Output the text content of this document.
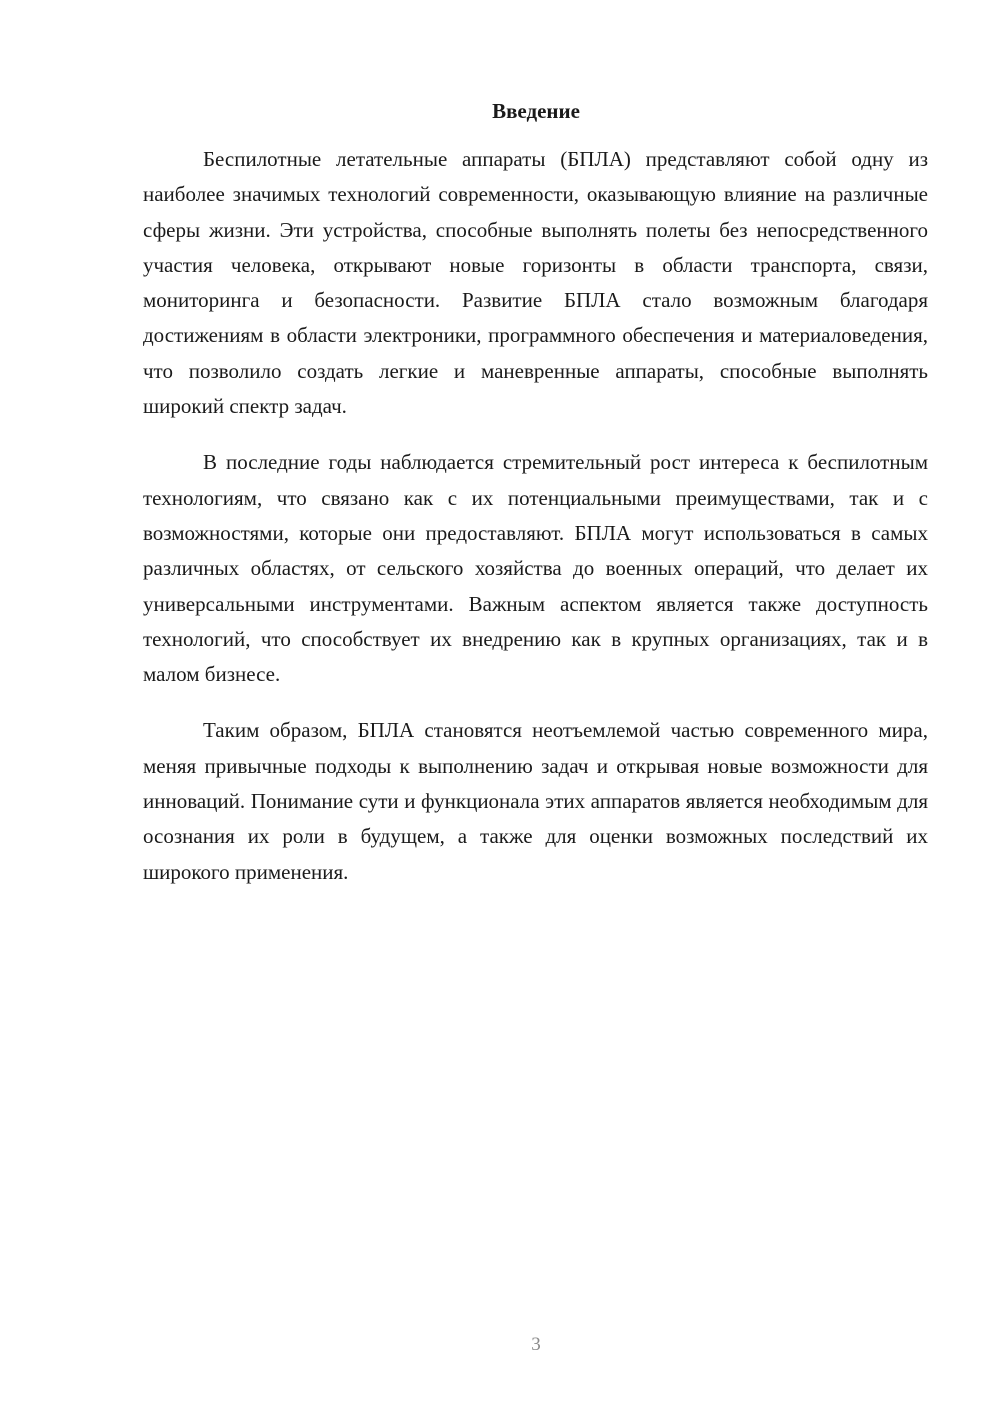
Введение

Беспилотные летательные аппараты (БПЛА) представляют собой одну из наиболее значимых технологий современности, оказывающую влияние на различные сферы жизни. Эти устройства, способные выполнять полеты без непосредственного участия человека, открывают новые горизонты в области транспорта, связи, мониторинга и безопасности. Развитие БПЛА стало возможным благодаря достижениям в области электроники, программного обеспечения и материаловедения, что позволило создать легкие и маневренные аппараты, способные выполнять широкий спектр задач.

В последние годы наблюдается стремительный рост интереса к беспилотным технологиям, что связано как с их потенциальными преимуществами, так и с возможностями, которые они предоставляют. БПЛА могут использоваться в самых различных областях, от сельского хозяйства до военных операций, что делает их универсальными инструментами. Важным аспектом является также доступность технологий, что способствует их внедрению как в крупных организациях, так и в малом бизнесе.

Таким образом, БПЛА становятся неотъемлемой частью современного мира, меняя привычные подходы к выполнению задач и открывая новые возможности для инноваций. Понимание сути и функционала этих аппаратов является необходимым для осознания их роли в будущем, а также для оценки возможных последствий их широкого применения.

3
